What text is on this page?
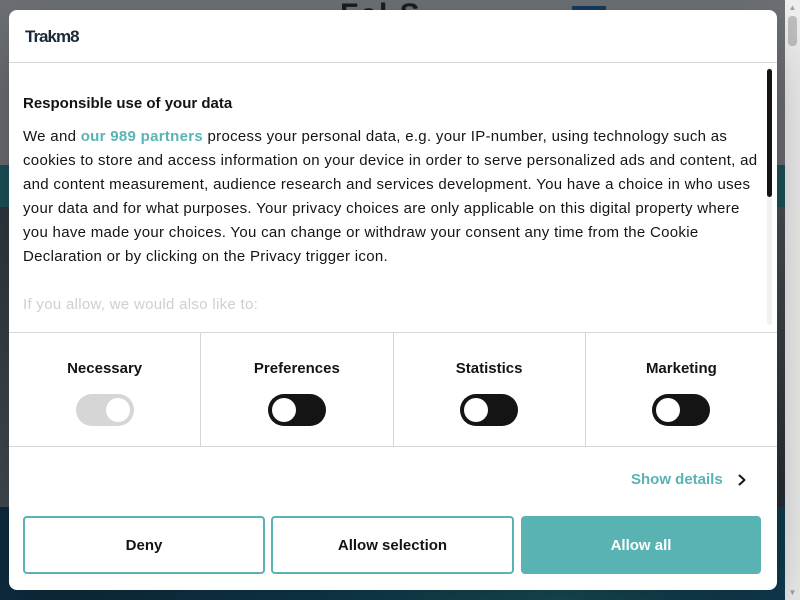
▲
▼
Trakm8

Responsible use of your data

We and our 989 partners process your personal data, e.g. your IP-number, using technology such as cookies to store and access information on your device in order to serve personalized ads and content, ad and content measurement, audience research and services development. You have a choice in who uses your data and for what purposes. Your privacy choices are only applicable on this digital property where you have made your choices. You can change or withdraw your consent any time from the Cookie Declaration or by clicking on the Privacy trigger icon.

If you allow, we would also like to:

Necessary	Preferences	Statistics	Marketing
Show details
Deny	Allow selection	Allow all
